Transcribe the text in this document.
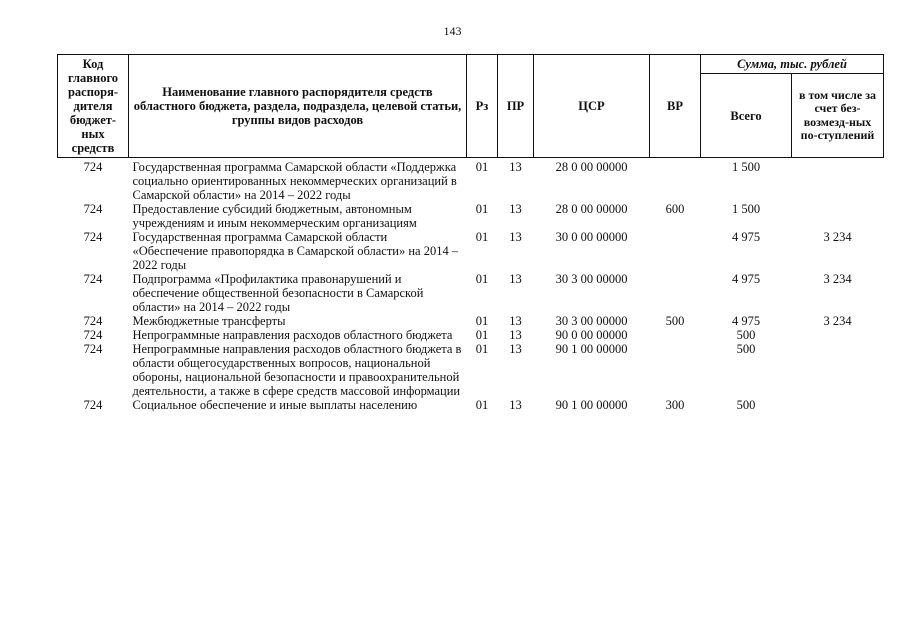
143
Код главного распоря-дителя бюджет-ных средств	Наименование главного распорядителя средств областного бюджета, раздела, подраздела, целевой статьи, группы видов расходов	Рз	ПР	ЦСР	ВР	Сумма, тыс. рублей	
						Всего	в том числе за счет без-возмезд-ных по-ступлений
724	Государственная программа Самарской области «Поддержка социально ориентированных некоммерческих организаций в Самарской области» на 2014 – 2022 годы	01	13	28 0 00 00000		1 500	
724	Предоставление субсидий бюджетным, автономным учреждениям и иным некоммерческим организациям	01	13	28 0 00 00000	600	1 500	
724	Государственная программа Самарской области «Обеспечение правопорядка в Самарской области» на 2014 – 2022 годы	01	13	30 0 00 00000		4 975	3 234
724	Подпрограмма «Профилактика правонарушений и обеспечение общественной безопасности в Самарской области» на 2014 – 2022 годы	01	13	30 3 00 00000		4 975	3 234
724	Межбюджетные трансферты	01	13	30 3 00 00000	500	4 975	3 234
724	Непрограммные направления расходов областного бюджета	01	13	90 0 00 00000		500	
724	Непрограммные направления расходов областного бюджета в области общегосударственных вопросов, национальной обороны, национальной безопасности и правоохранительной деятельности, а также в сфере средств массовой информации	01	13	90 1 00 00000		500	
724	Социальное обеспечение и иные выплаты населению	01	13	90 1 00 00000	300	500	
